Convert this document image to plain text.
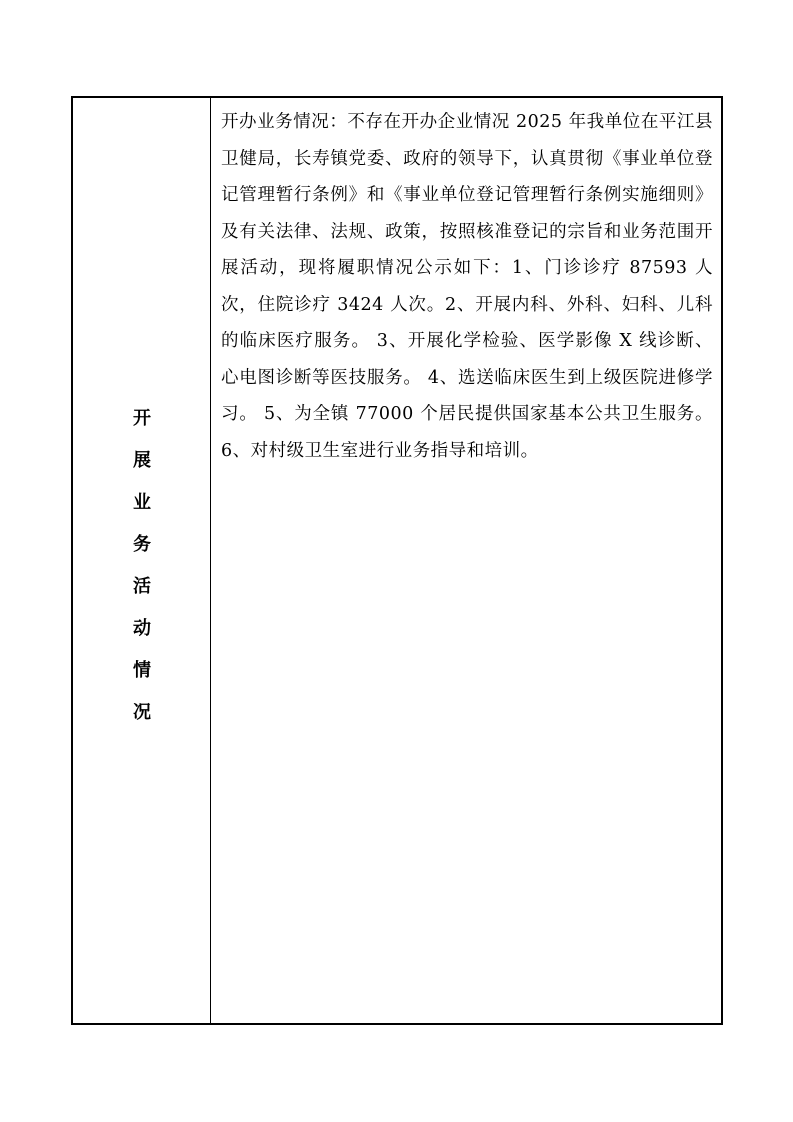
开
展
业
务
活
动
情
况

开办业务情况：不存在开办企业情况 2025 年我单位在平江县卫健局，长寿镇党委、政府的领导下，认真贯彻《事业单位登记管理暂行条例》和《事业单位登记管理暂行条例实施细则》及有关法律、法规、政策，按照核准登记的宗旨和业务范围开展活动，现将履职情况公示如下：1、门诊诊疗 87593 人次，住院诊疗 3424 人次。2、开展内科、外科、妇科、儿科的临床医疗服务。 3、开展化学检验、医学影像 X 线诊断、心电图诊断等医技服务。 4、选送临床医生到上级医院进修学习。 5、为全镇 77000 个居民提供国家基本公共卫生服务。6、对村级卫生室进行业务指导和培训。
